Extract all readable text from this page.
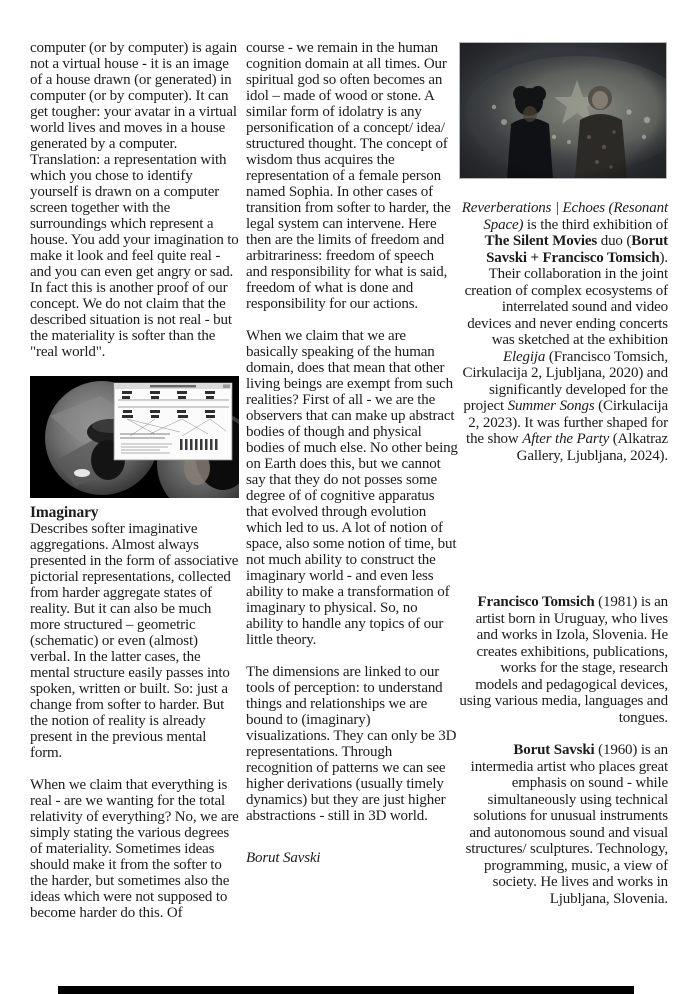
computer (or by computer) is again not a virtual house - it is an image of a house drawn (or generated) in computer (or by computer). It can get tougher: your avatar in a virtual world lives and moves in a house generated by a computer. Translation: a representation with which you chose to identify yourself is drawn on a computer screen together with the surroundings which represent a house. You add your imagination to make it look and feel quite real - and you can even get angry or sad. In fact this is another proof of our concept. We do not claim that the described situation is not real - but the materiality is softer than the "real world".

Imaginary

Describes softer imaginative aggregations. Almost always presented in the form of associative pictorial representations, collected from harder aggregate states of reality. But it can also be much more structured – geometric (schematic) or even (almost) verbal. In the latter cases, the mental structure easily passes into spoken, written or built. So: just a change from softer to harder. But the notion of reality is already present in the previous mental form.

When we claim that everything is real - are we wanting for the total relativity of everything? No, we are simply stating the various degrees of materiality. Sometimes ideas should make it from the softer to the harder, but sometimes also the ideas which were not supposed to become harder do this. Of

course - we remain in the human cognition domain at all times. Our spiritual god so often becomes an idol – made of wood or stone. A similar form of idolatry is any personification of a concept/ idea/ structured thought. The concept of wisdom thus acquires the representation of a female person named Sophia. In other cases of transition from softer to harder, the legal system can intervene. Here then are the limits of freedom and arbitrariness: freedom of speech and responsibility for what is said, freedom of what is done and responsibility for our actions.

When we claim that we are basically speaking of the human domain, does that mean that other living beings are exempt from such realities? First of all - we are the observers that can make up abstract bodies of though and physical bodies of much else. No other being on Earth does this, but we cannot say that they do not posses some degree of of cognitive apparatus that evolved through evolution which led to us. A lot of notion of space, also some notion of time, but not much ability to construct the imaginary world - and even less ability to make a transformation of imaginary to physical. So, no ability to handle any topics of our little theory.

The dimensions are linked to our tools of perception: to understand things and relationships we are bound to (imaginary) visualizations. They can only be 3D representations. Through recognition of patterns we can see higher derivations (usually timely dynamics) but they are just higher abstractions - still in 3D world.

Borut Savski

Reverberations | Echoes (Resonant Space) is the third exhibition of The Silent Movies duo (Borut Savski + Francisco Tomsich). Their collaboration in the joint creation of complex ecosystems of interrelated sound and video devices and never ending concerts was sketched at the exhibition Elegija (Francisco Tomsich, Cirkulacija 2, Ljubljana, 2020) and significantly developed for the project Summer Songs (Cirkulacija 2, 2023). It was further shaped for the show After the Party (Alkatraz Gallery, Ljubljana, 2024).

Francisco Tomsich (1981) is an artist born in Uruguay, who lives and works in Izola, Slovenia. He creates exhibitions, publications, works for the stage, research models and pedagogical devices, using various media, languages and tongues.

Borut Savski (1960) is an intermedia artist who places great emphasis on sound - while simultaneously using technical solutions for unusual instruments and autonomous sound and visual structures/ sculptures. Technology, programming, music, a view of society. He lives and works in Ljubljana, Slovenia.
